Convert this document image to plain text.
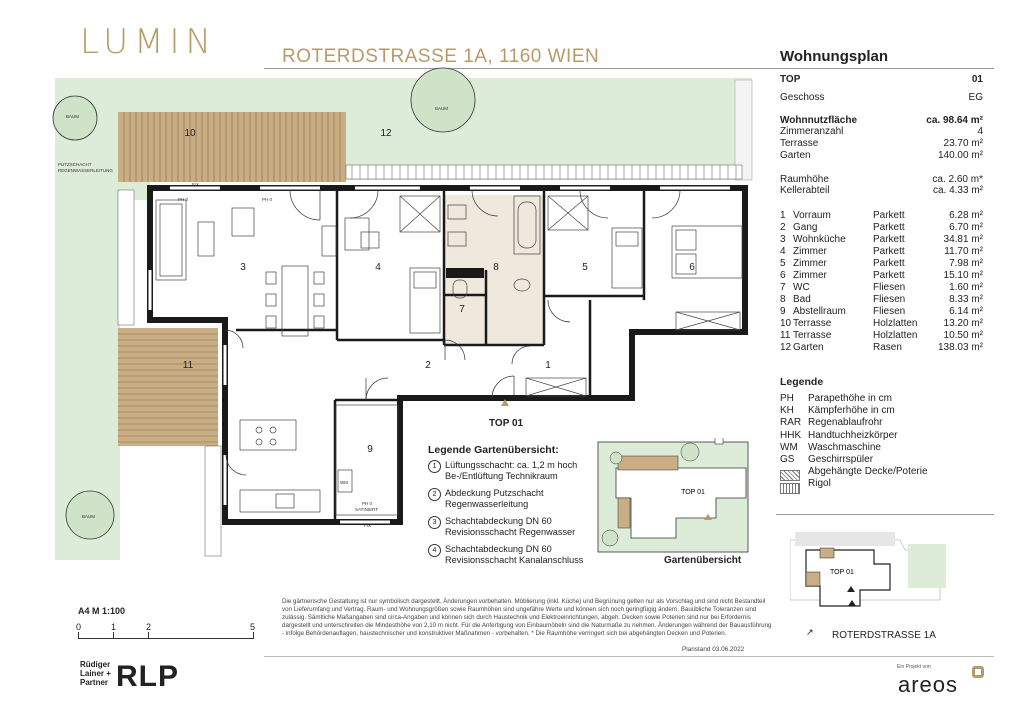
LUMIN	ROTERDSTRASSE 1A, 1160 WIEN	Wohnungsplan
TOP	01
Geschoss	EG
Wohnnutzfläche	ca. 98.64 m²
Zimmeranzahl	4
Terrasse	23.70 m²
Garten	140.00 m²
Raumhöhe	ca. 2.60 m*
Kellerabteil	ca. 4.33 m²
1 Vorraum	Parkett	6.28 m²
2 Gang	Parkett	6.70 m²
3 Wohnküche	Parkett	34.81 m²
4 Zimmer	Parkett	11.70 m²
5 Zimmer	Parkett	7.98 m²
6 Zimmer	Parkett	15.10 m²
7 WC	Fliesen	1.60 m²
8 Bad	Fliesen	8.33 m²
9 Abstellraum	Fliesen	6.14 m²
10 Terrasse	Holzlatten	13.20 m²
11 Terrasse	Holzlatten	10.50 m²
12 Garten	Rasen	138.03 m²
Legende
PH Parapethöhe in cm
KH Kämpferhöhe in cm
RAR Regenablaufrohr
HHK Handtuchheizkörper
WM Waschmaschine
GS Geschirrspüler
Abgehängte Decke/Poterie
Rigol
1
2
3	4	5	6
7
8
9
10
11
12
BAUM
BAUM
BAUM
PUTZSCHACHT
REGENWASSERLEITUNG
FIX
FIX
PH 0	PH 0
PH 0
WM
SATINIERT
TOP 01
Legende Gartenübersicht:
1 Lüftungsschacht: ca. 1,2 m hoch
Be-/Entlüftung Technikraum
2 Abdeckung Putzschacht
Regenwasserleitung
3 Schachtabdeckung DN 60
Revisionsschacht Regenwasser
4 Schachtabdeckung DN 60
Revisionsschacht Kanalanschluss
TOP 01
Gartenübersicht
TOP 01
↗ ROTERDSTRASSE 1A
A4 M 1:100
0	1	2	5
Die gärtnerische Gestaltung ist nur symbolisch dargestellt. Änderungen vorbehalten. Möblierung (inkl. Küche) und Begrünung gelten nur als Vorschlag und sind nicht Bestandteil von Lieferumfang und Vertrag. Raum- und Wohnungsgrößen sowie Raumhöhen sind ungefähre Werte und können sich noch geringfügig ändern. Bauübliche Toleranzen sind zulässig. Sämtliche Maßangaben sind circa-Angaben und können sich durch Haustechnik und Elektroeinrichtungen, abgeh. Decken sowie Poterien sind nur bei Erfordernis dargestellt und unterschreiten die Mindesthöhe von 2,10 m nicht. Für die Anfertigung von Einbaumöbeln sind die Naturmaße zu nehmen. Änderungen während der Bauausführung - infolge Behördenauflagen, haustechnischer und konstruktiver Maßnahmen - vorbehalten. * Die Raumhöhe verringert sich bei abgehängten Decken und Poterien.
Planstand 03.06.2022
Rüdiger
Lainer +
Partner RLP	Ein Projekt von
areos
